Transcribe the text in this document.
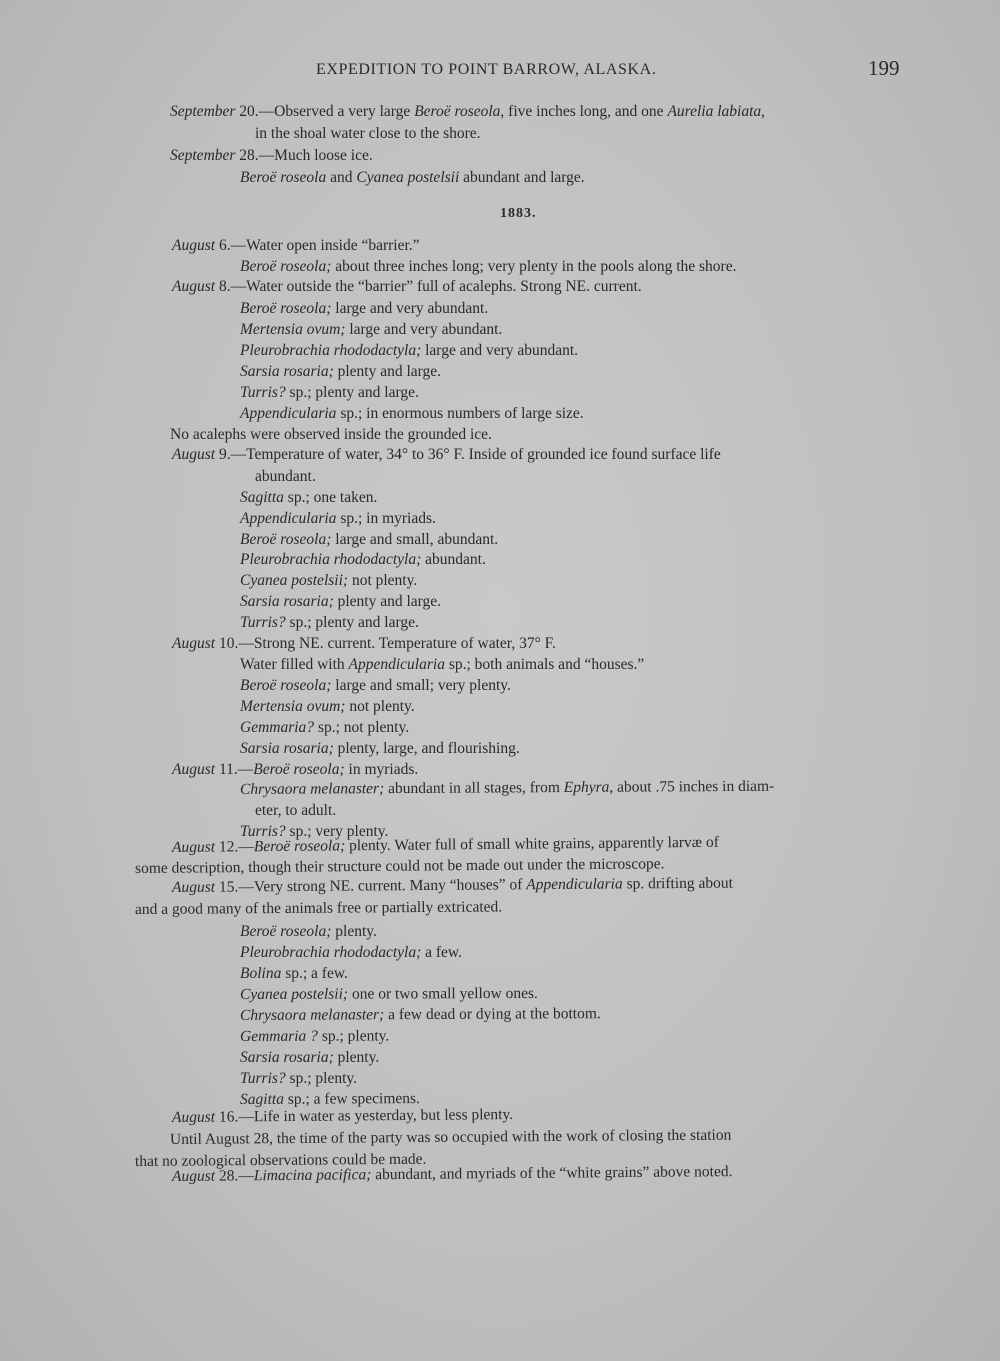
EXPEDITION TO POINT BARROW, ALASKA.	199
1883.
September 20.—Observed a very large Beroë roseola, five inches long, and one Aurelia labiata,
in the shoal water close to the shore.
September 28.—Much loose ice.
Beroë roseola and Cyanea postelsii abundant and large.
August 6.—Water open inside “barrier.”
Beroë roseola; about three inches long; very plenty in the pools along the shore.
August 8.—Water outside the “barrier” full of acalephs. Strong NE. current.
Beroë roseola; large and very abundant.
Mertensia ovum; large and very abundant.
Pleurobrachia rhododactyla; large and very abundant.
Sarsia rosaria; plenty and large.
Turris? sp.; plenty and large.
Appendicularia sp.; in enormous numbers of large size.
No acalephs were observed inside the grounded ice.
August 9.—Temperature of water, 34° to 36° F. Inside of grounded ice found surface life
abundant.
Sagitta sp.; one taken.
Appendicularia sp.; in myriads.
Beroë roseola; large and small, abundant.
Pleurobrachia rhododactyla; abundant.
Cyanea postelsii; not plenty.
Sarsia rosaria; plenty and large.
Turris? sp.; plenty and large.
August 10.—Strong NE. current. Temperature of water, 37° F.
Water filled with Appendicularia sp.; both animals and “houses.”
Beroë roseola; large and small; very plenty.
Mertensia ovum; not plenty.
Gemmaria? sp.; not plenty.
Sarsia rosaria; plenty, large, and flourishing.
August 11.—Beroë roseola; in myriads.
Chrysaora melanaster; abundant in all stages, from Ephyra, about .75 inches in diam-
eter, to adult.
Turris? sp.; very plenty.
August 12.—Beroë roseola; plenty. Water full of small white grains, apparently larvæ of
some description, though their structure could not be made out under the microscope.
August 15.—Very strong NE. current. Many “houses” of Appendicularia sp. drifting about
and a good many of the animals free or partially extricated.
Beroë roseola; plenty.
Pleurobrachia rhododactyla; a few.
Bolina sp.; a few.
Cyanea postelsii; one or two small yellow ones.
Chrysaora melanaster; a few dead or dying at the bottom.
Gemmaria ? sp.; plenty.
Sarsia rosaria; plenty.
Turris? sp.; plenty.
Sagitta sp.; a few specimens.
August 16.—Life in water as yesterday, but less plenty.
Until August 28, the time of the party was so occupied with the work of closing the station
that no zoological observations could be made.
August 28.—Limacina pacifica; abundant, and myriads of the “white grains” above noted.
